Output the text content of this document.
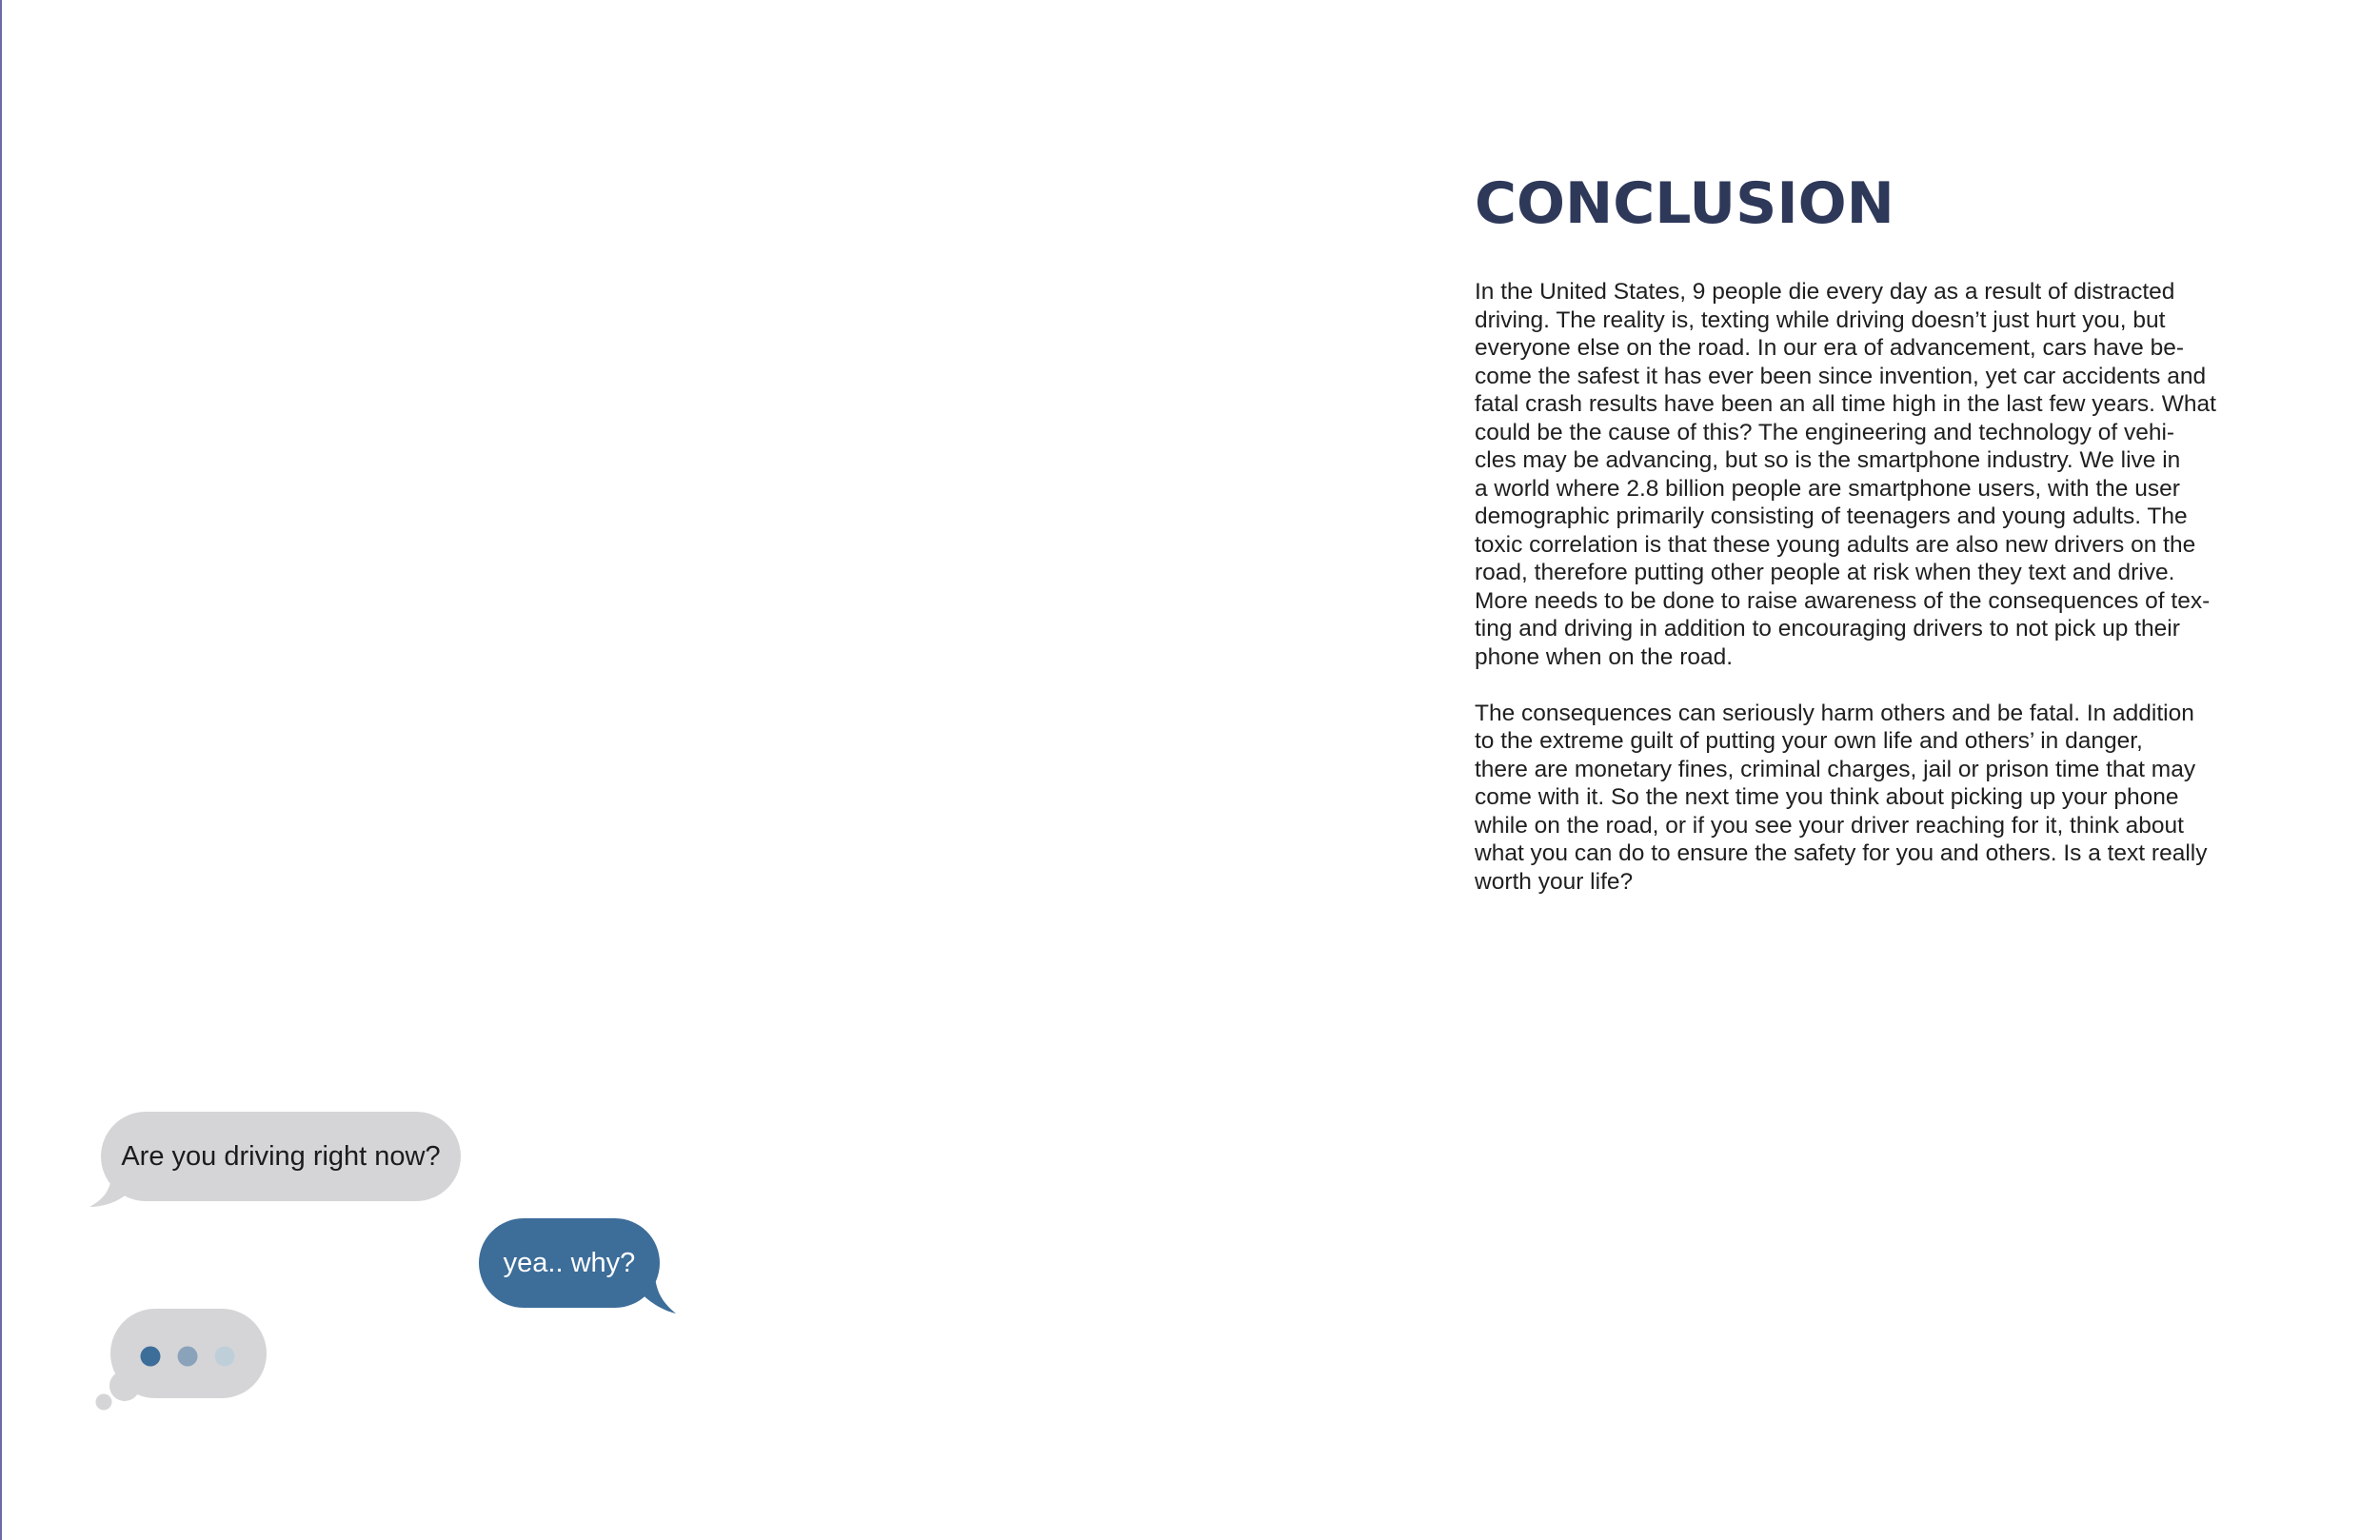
Are you driving right now?
yea.. why?
CONCLUSION

In the United States, 9 people die every day as a result of distracted
driving. The reality is, texting while driving doesn’t just hurt you, but
everyone else on the road. In our era of advancement, cars have be-
come the safest it has ever been since invention, yet car accidents and
fatal crash results have been an all time high in the last few years. What
could be the cause of this? The engineering and technology of vehi-
cles may be advancing, but so is the smartphone industry. We live in
a world where 2.8 billion people are smartphone users, with the user
demographic primarily consisting of teenagers and young adults. The
toxic correlation is that these young adults are also new drivers on the
road, therefore putting other people at risk when they text and drive.
More needs to be done to raise awareness of the consequences of tex-
ting and driving in addition to encouraging drivers to not pick up their
phone when on the road.

The consequences can seriously harm others and be fatal. In addition
to the extreme guilt of putting your own life and others’ in danger,
there are monetary fines, criminal charges, jail or prison time that may
come with it. So the next time you think about picking up your phone
while on the road, or if you see your driver reaching for it, think about
what you can do to ensure the safety for you and others. Is a text really
worth your life?
